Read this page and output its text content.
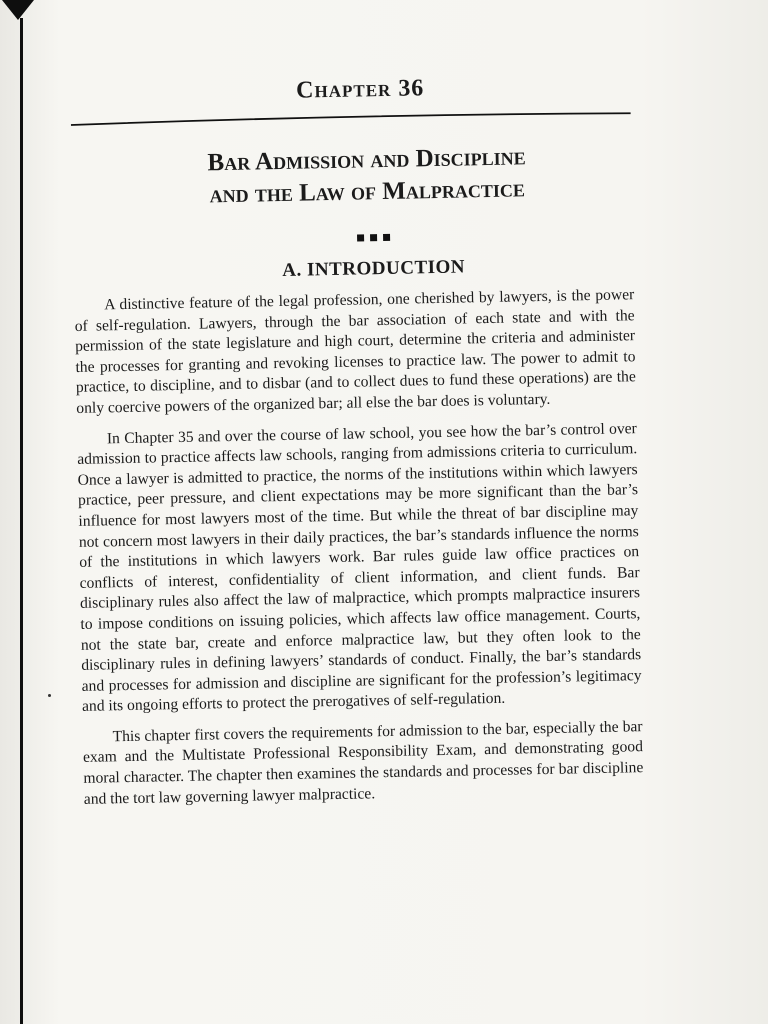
Chapter 36
Bar Admission and Discipline
and the Law of Malpractice
A. INTRODUCTION

A distinctive feature of the legal profession, one cherished by lawyers, is the power of self-regulation. Lawyers, through the bar association of each state and with the permission of the state legislature and high court, determine the criteria and administer the processes for granting and revoking licenses to practice law. The power to admit to practice, to discipline, and to disbar (and to collect dues to fund these operations) are the only coercive powers of the organized bar; all else the bar does is voluntary.

In Chapter 35 and over the course of law school, you see how the bar’s control over admission to practice affects law schools, ranging from admissions criteria to curriculum. Once a lawyer is admitted to practice, the norms of the institutions within which lawyers practice, peer pressure, and client expectations may be more significant than the bar’s influence for most lawyers most of the time. But while the threat of bar discipline may not concern most lawyers in their daily practices, the bar’s standards influence the norms of the institutions in which lawyers work. Bar rules guide law office practices on conflicts of interest, confidentiality of client information, and client funds. Bar disciplinary rules also affect the law of malpractice, which prompts malpractice insurers to impose conditions on issuing policies, which affects law office management. Courts, not the state bar, create and enforce malpractice law, but they often look to the disciplinary rules in defining lawyers’ standards of conduct. Finally, the bar’s standards and processes for admission and discipline are significant for the profession’s legitimacy and its ongoing efforts to protect the prerogatives of self-regulation.

This chapter first covers the requirements for admission to the bar, especially the bar exam and the Multistate Professional Responsibility Exam, and demonstrating good moral character. The chapter then examines the standards and processes for bar discipline and the tort law governing lawyer malpractice.
